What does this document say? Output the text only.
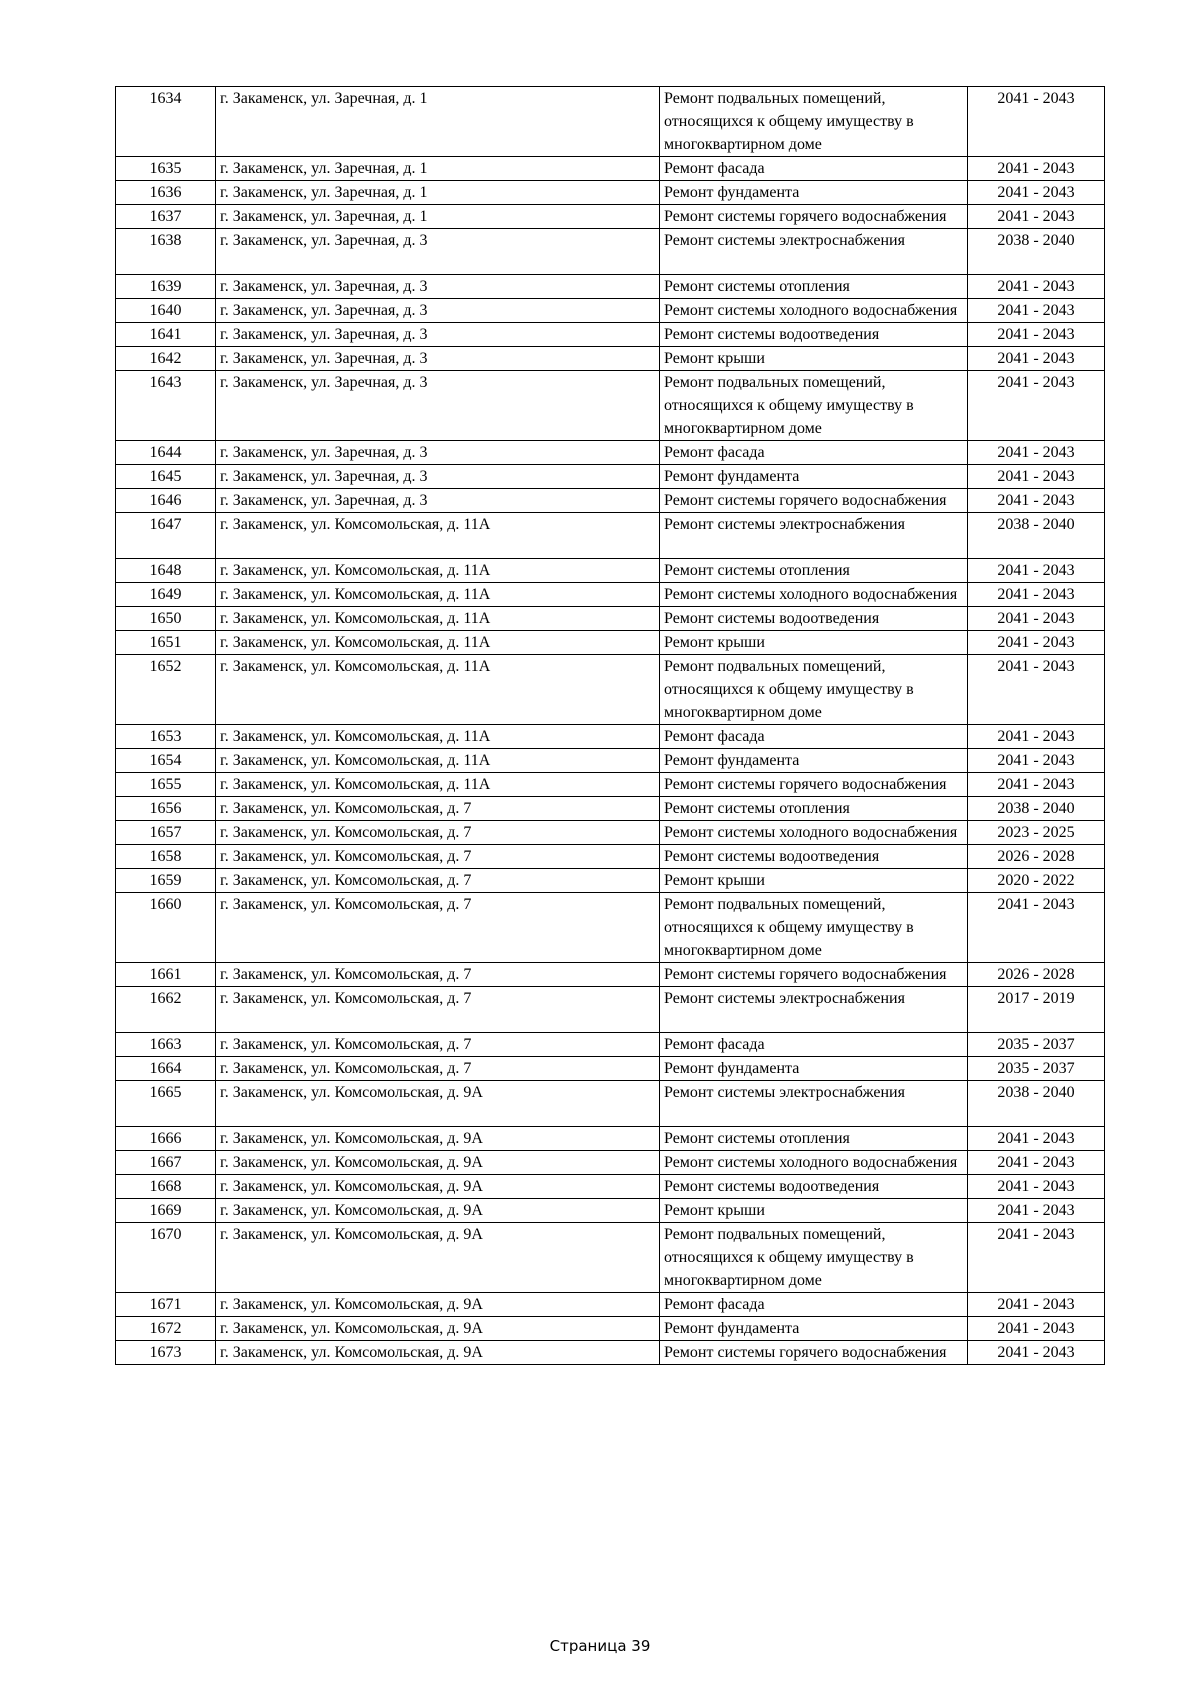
1634	г. Закаменск, ул. Заречная, д. 1	Ремонт подвальных помещений, относящихся к общему имуществу в многоквартирном доме	2041 - 2043
1635	г. Закаменск, ул. Заречная, д. 1	Ремонт фасада	2041 - 2043
1636	г. Закаменск, ул. Заречная, д. 1	Ремонт фундамента	2041 - 2043
1637	г. Закаменск, ул. Заречная, д. 1	Ремонт системы горячего водоснабжения	2041 - 2043
1638	г. Закаменск, ул. Заречная, д. 3	Ремонт системы электроснабжения	2038 - 2040
1639	г. Закаменск, ул. Заречная, д. 3	Ремонт системы отопления	2041 - 2043
1640	г. Закаменск, ул. Заречная, д. 3	Ремонт системы холодного водоснабжения	2041 - 2043
1641	г. Закаменск, ул. Заречная, д. 3	Ремонт системы водоотведения	2041 - 2043
1642	г. Закаменск, ул. Заречная, д. 3	Ремонт крыши	2041 - 2043
1643	г. Закаменск, ул. Заречная, д. 3	Ремонт подвальных помещений, относящихся к общему имуществу в многоквартирном доме	2041 - 2043
1644	г. Закаменск, ул. Заречная, д. 3	Ремонт фасада	2041 - 2043
1645	г. Закаменск, ул. Заречная, д. 3	Ремонт фундамента	2041 - 2043
1646	г. Закаменск, ул. Заречная, д. 3	Ремонт системы горячего водоснабжения	2041 - 2043
1647	г. Закаменск, ул. Комсомольская, д. 11А	Ремонт системы электроснабжения	2038 - 2040
1648	г. Закаменск, ул. Комсомольская, д. 11А	Ремонт системы отопления	2041 - 2043
1649	г. Закаменск, ул. Комсомольская, д. 11А	Ремонт системы холодного водоснабжения	2041 - 2043
1650	г. Закаменск, ул. Комсомольская, д. 11А	Ремонт системы водоотведения	2041 - 2043
1651	г. Закаменск, ул. Комсомольская, д. 11А	Ремонт крыши	2041 - 2043
1652	г. Закаменск, ул. Комсомольская, д. 11А	Ремонт подвальных помещений, относящихся к общему имуществу в многоквартирном доме	2041 - 2043
1653	г. Закаменск, ул. Комсомольская, д. 11А	Ремонт фасада	2041 - 2043
1654	г. Закаменск, ул. Комсомольская, д. 11А	Ремонт фундамента	2041 - 2043
1655	г. Закаменск, ул. Комсомольская, д. 11А	Ремонт системы горячего водоснабжения	2041 - 2043
1656	г. Закаменск, ул. Комсомольская, д. 7	Ремонт системы отопления	2038 - 2040
1657	г. Закаменск, ул. Комсомольская, д. 7	Ремонт системы холодного водоснабжения	2023 - 2025
1658	г. Закаменск, ул. Комсомольская, д. 7	Ремонт системы водоотведения	2026 - 2028
1659	г. Закаменск, ул. Комсомольская, д. 7	Ремонт крыши	2020 - 2022
1660	г. Закаменск, ул. Комсомольская, д. 7	Ремонт подвальных помещений, относящихся к общему имуществу в многоквартирном доме	2041 - 2043
1661	г. Закаменск, ул. Комсомольская, д. 7	Ремонт системы горячего водоснабжения	2026 - 2028
1662	г. Закаменск, ул. Комсомольская, д. 7	Ремонт системы электроснабжения	2017 - 2019
1663	г. Закаменск, ул. Комсомольская, д. 7	Ремонт фасада	2035 - 2037
1664	г. Закаменск, ул. Комсомольская, д. 7	Ремонт фундамента	2035 - 2037
1665	г. Закаменск, ул. Комсомольская, д. 9А	Ремонт системы электроснабжения	2038 - 2040
1666	г. Закаменск, ул. Комсомольская, д. 9А	Ремонт системы отопления	2041 - 2043
1667	г. Закаменск, ул. Комсомольская, д. 9А	Ремонт системы холодного водоснабжения	2041 - 2043
1668	г. Закаменск, ул. Комсомольская, д. 9А	Ремонт системы водоотведения	2041 - 2043
1669	г. Закаменск, ул. Комсомольская, д. 9А	Ремонт крыши	2041 - 2043
1670	г. Закаменск, ул. Комсомольская, д. 9А	Ремонт подвальных помещений, относящихся к общему имуществу в многоквартирном доме	2041 - 2043
1671	г. Закаменск, ул. Комсомольская, д. 9А	Ремонт фасада	2041 - 2043
1672	г. Закаменск, ул. Комсомольская, д. 9А	Ремонт фундамента	2041 - 2043
1673	г. Закаменск, ул. Комсомольская, д. 9А	Ремонт системы горячего водоснабжения	2041 - 2043
Страница 39
